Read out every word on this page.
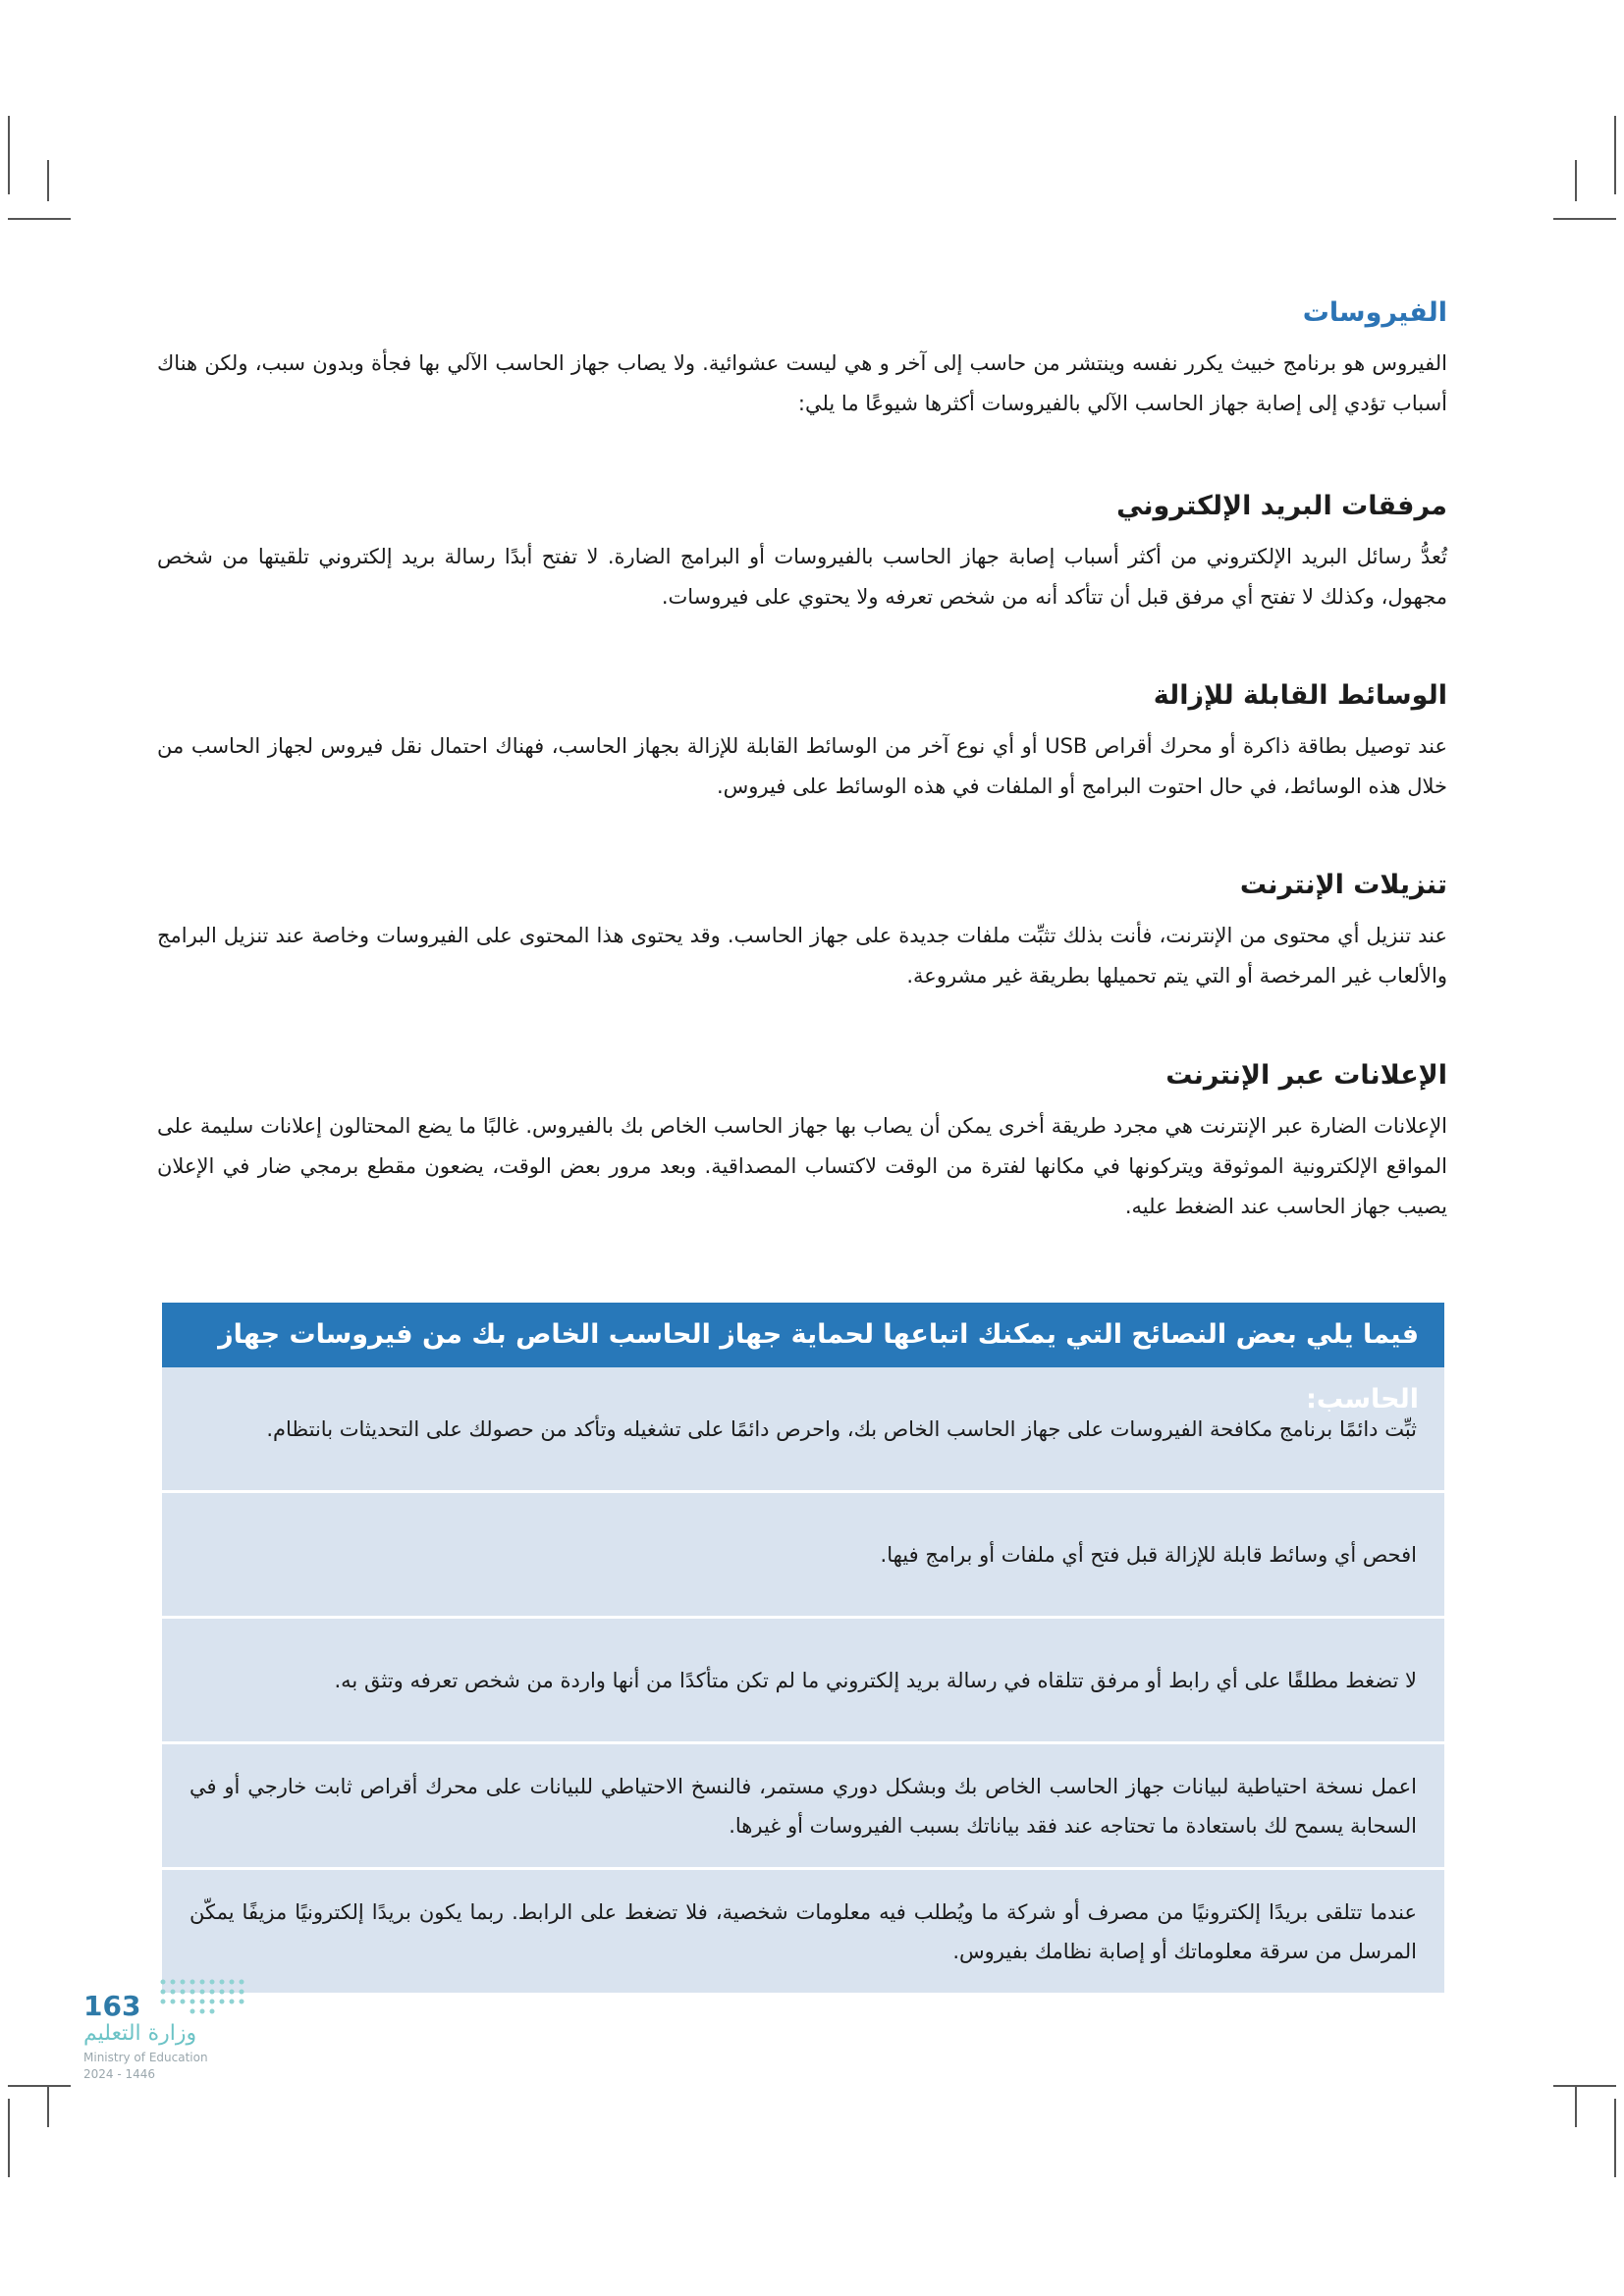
الفيروسات

الفيروس هو برنامج خبيث يكرر نفسه وينتشر من حاسب إلى آخر و هي ليست عشوائية. ولا يصاب جهاز الحاسب الآلي بها فجأة وبدون سبب، ولكن هناك أسباب تؤدي إلى إصابة جهاز الحاسب الآلي بالفيروسات أكثرها شيوعًا ما يلي:

مرفقات البريد الإلكتروني

تُعدُّ رسائل البريد الإلكتروني من أكثر أسباب إصابة جهاز الحاسب بالفيروسات أو البرامج الضارة. لا تفتح أبدًا رسالة بريد إلكتروني تلقيتها من شخص مجهول، وكذلك لا تفتح أي مرفق قبل أن تتأكد أنه من شخص تعرفه ولا يحتوي على فيروسات.

الوسائط القابلة للإزالة

عند توصيل بطاقة ذاكرة أو محرك أقراص USB أو أي نوع آخر من الوسائط القابلة للإزالة بجهاز الحاسب، فهناك احتمال نقل فيروس لجهاز الحاسب من خلال هذه الوسائط، في حال احتوت البرامج أو الملفات في هذه الوسائط على فيروس.

تنزيلات الإنترنت

عند تنزيل أي محتوى من الإنترنت، فأنت بذلك تثبِّت ملفات جديدة على جهاز الحاسب. وقد يحتوى هذا المحتوى على الفيروسات وخاصة عند تنزيل البرامج والألعاب غير المرخصة أو التي يتم تحميلها بطريقة غير مشروعة.

الإعلانات عبر الإنترنت

الإعلانات الضارة عبر الإنترنت هي مجرد طريقة أخرى يمكن أن يصاب بها جهاز الحاسب الخاص بك بالفيروس. غالبًا ما يضع المحتالون إعلانات سليمة على المواقع الإلكترونية الموثوقة ويتركونها في مكانها لفترة من الوقت لاكتساب المصداقية. وبعد مرور بعض الوقت، يضعون مقطع برمجي ضار في الإعلان يصيب جهاز الحاسب عند الضغط عليه.

فيما يلي بعض النصائح التي يمكنك اتباعها لحماية جهاز الحاسب الخاص بك من فيروسات جهاز الحاسب:

ثبِّت دائمًا برنامج مكافحة الفيروسات على جهاز الحاسب الخاص بك، واحرص دائمًا على تشغيله وتأكد من حصولك على التحديثات بانتظام.

افحص أي وسائط قابلة للإزالة قبل فتح أي ملفات أو برامج فيها.

لا تضغط مطلقًا على أي رابط أو مرفق تتلقاه في رسالة بريد إلكتروني ما لم تكن متأكدًا من أنها واردة من شخص تعرفه وتثق به.

اعمل نسخة احتياطية لبيانات جهاز الحاسب الخاص بك وبشكل دوري مستمر، فالنسخ الاحتياطي للبيانات على محرك أقراص ثابت خارجي أو في السحابة يسمح لك باستعادة ما تحتاجه عند فقد بياناتك بسبب الفيروسات أو غيرها.

عندما تتلقى بريدًا إلكترونيًا من مصرف أو شركة ما ويُطلب فيه معلومات شخصية، فلا تضغط على الرابط. ربما يكون بريدًا إلكترونيًا مزيفًا يمكّن المرسل من سرقة معلوماتك أو إصابة نظامك بفيروس.

163
وزارة التعليم
Ministry of Education
2024 - 1446
